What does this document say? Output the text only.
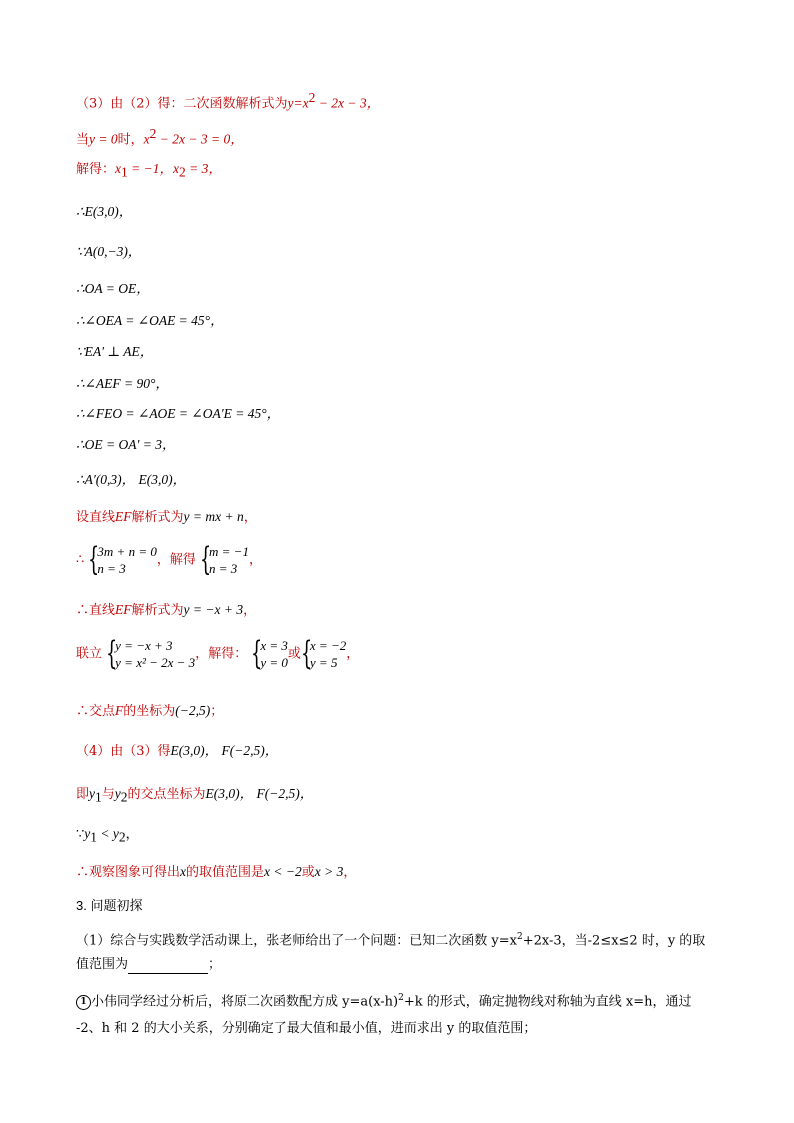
（3）由（2）得：二次函数解析式为$y=x^2 - 2x - 3$，
当y = 0时，$x^2 - 2x - 3 = 0$，
解得：$x_1 = -1$，$x_2 = 3$，
∴E(3,0)，
∵A(0,−3)，
∴OA = OE，
∴∠OEA = ∠OAE = 45°，
∵EA′ ⊥ AE，
∴∠AEF = 90°，
∴∠FEO = ∠AOE = ∠OA′E = 45°，
∴OE = OA′ = 3，
∴A′(0,3)， E(3,0)，
设直线EF解析式为y = mx + n，
∴ {
3m + n = 0
n = 3
，解得 {
m = −1
n = 3
，
∴直线EF解析式为y = −x + 3，
联立 {
y = −x + 3
y = x² − 2x − 3
，解得： {
x = 3
y = 0
或 {
x = −2
y = 5
，
∴交点F的坐标为(−2,5)；
（4）由（3）得E(3,0)， F(−2,5)，
即$y_1$与$y_2$的交点坐标为E(3,0)， F(−2,5)，
$\because y_1 < y_2$，
∴观察图象可得出x的取值范围是x < −2或x > 3，
3. 问题初探
（1）综合与实践数学活动课上，张老师给出了一个问题：已知二次函数 $y=x^2+2x-3$，当-2≤x≤2 时，y 的取
值范围为	；
1 小伟同学经过分析后，将原二次函数配方成 $y=a(x-h)^2+k$ 的形式，确定抛物线对称轴为直线 x=h，通过
-2、h 和 2 的大小关系，分别确定了最大值和最小值，进而求出 y 的取值范围；
